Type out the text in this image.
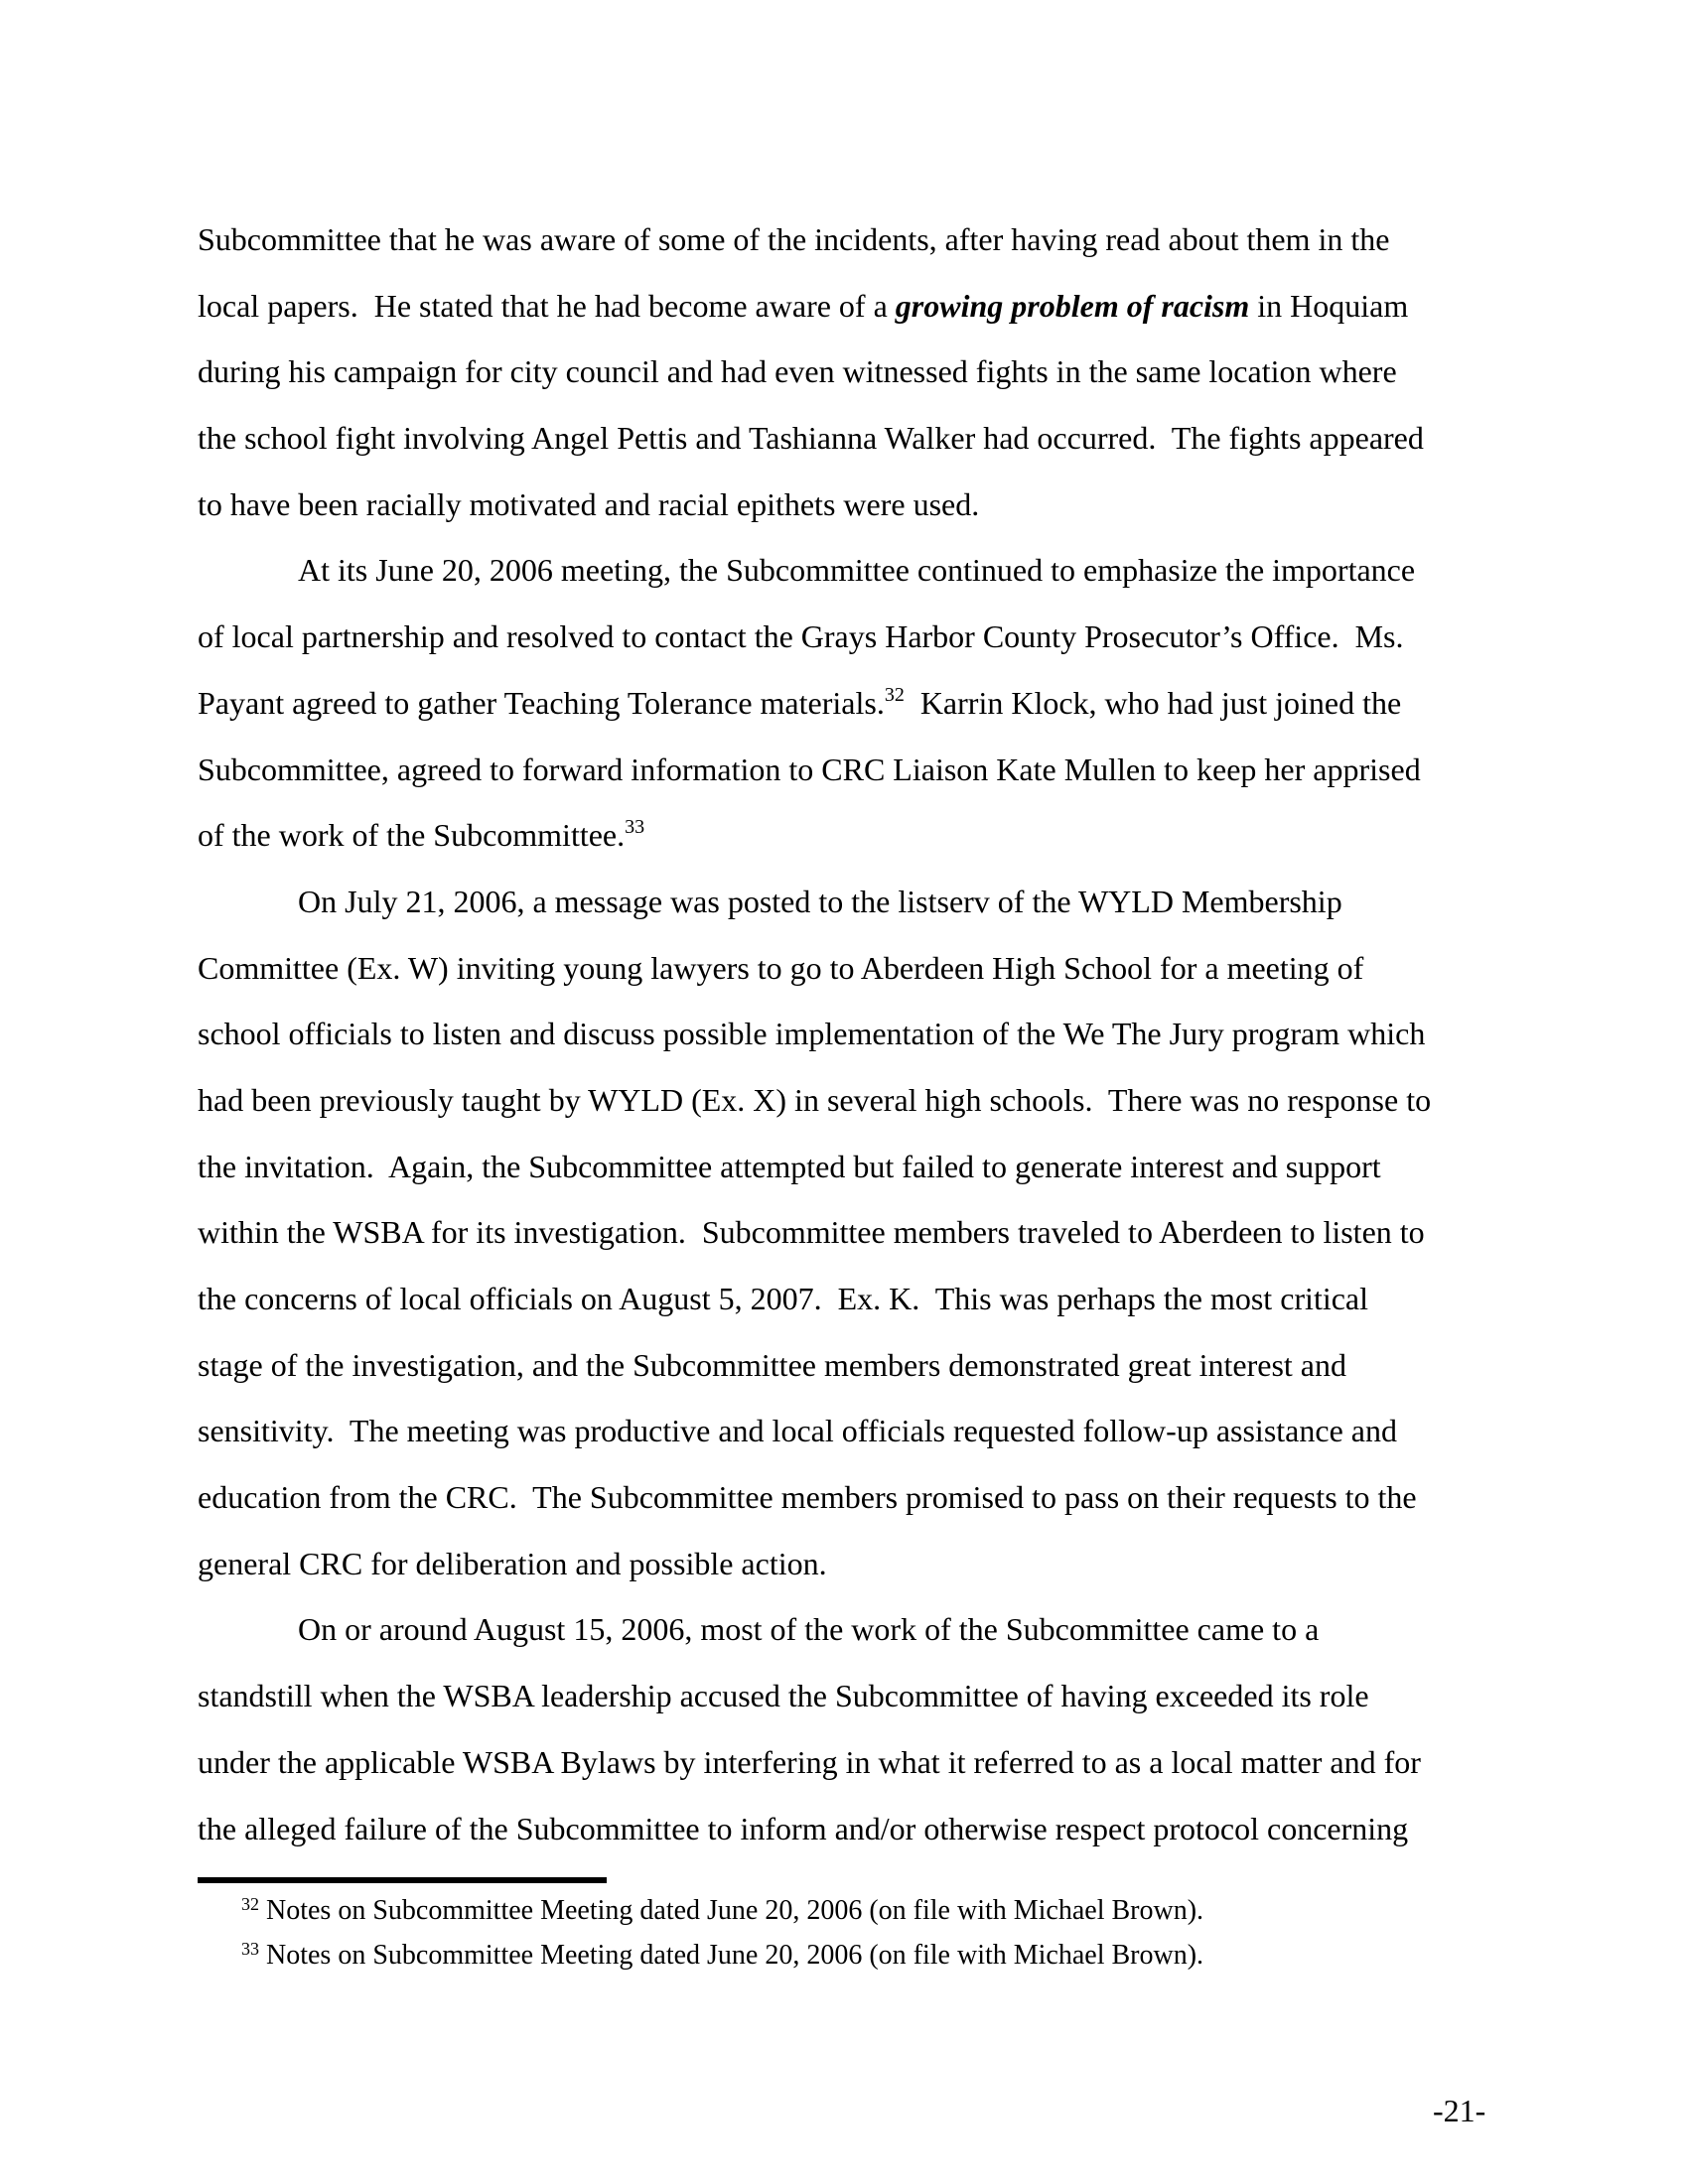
Subcommittee that he was aware of some of the incidents, after having read about them in the
local papers.  He stated that he had become aware of a growing problem of racism in Hoquiam
during his campaign for city council and had even witnessed fights in the same location where
the school fight involving Angel Pettis and Tashianna Walker had occurred.  The fights appeared
to have been racially motivated and racial epithets were used.
At its June 20, 2006 meeting, the Subcommittee continued to emphasize the importance
of local partnership and resolved to contact the Grays Harbor County Prosecutor’s Office.  Ms.
Payant agreed to gather Teaching Tolerance materials.$^{32}$  Karrin Klock, who had just joined the
Subcommittee, agreed to forward information to CRC Liaison Kate Mullen to keep her apprised
of the work of the Subcommittee.$^{33}$
On July 21, 2006, a message was posted to the listserv of the WYLD Membership
Committee (Ex. W) inviting young lawyers to go to Aberdeen High School for a meeting of
school officials to listen and discuss possible implementation of the We The Jury program which
had been previously taught by WYLD (Ex. X) in several high schools.  There was no response to
the invitation.  Again, the Subcommittee attempted but failed to generate interest and support
within the WSBA for its investigation.  Subcommittee members traveled to Aberdeen to listen to
the concerns of local officials on August 5, 2007.  Ex. K.  This was perhaps the most critical
stage of the investigation, and the Subcommittee members demonstrated great interest and
sensitivity.  The meeting was productive and local officials requested follow-up assistance and
education from the CRC.  The Subcommittee members promised to pass on their requests to the
general CRC for deliberation and possible action.
On or around August 15, 2006, most of the work of the Subcommittee came to a
standstill when the WSBA leadership accused the Subcommittee of having exceeded its role
under the applicable WSBA Bylaws by interfering in what it referred to as a local matter and for
the alleged failure of the Subcommittee to inform and/or otherwise respect protocol concerning
$^{32}$ Notes on Subcommittee Meeting dated June 20, 2006 (on file with Michael Brown).
$^{33}$ Notes on Subcommittee Meeting dated June 20, 2006 (on file with Michael Brown).
-21-
